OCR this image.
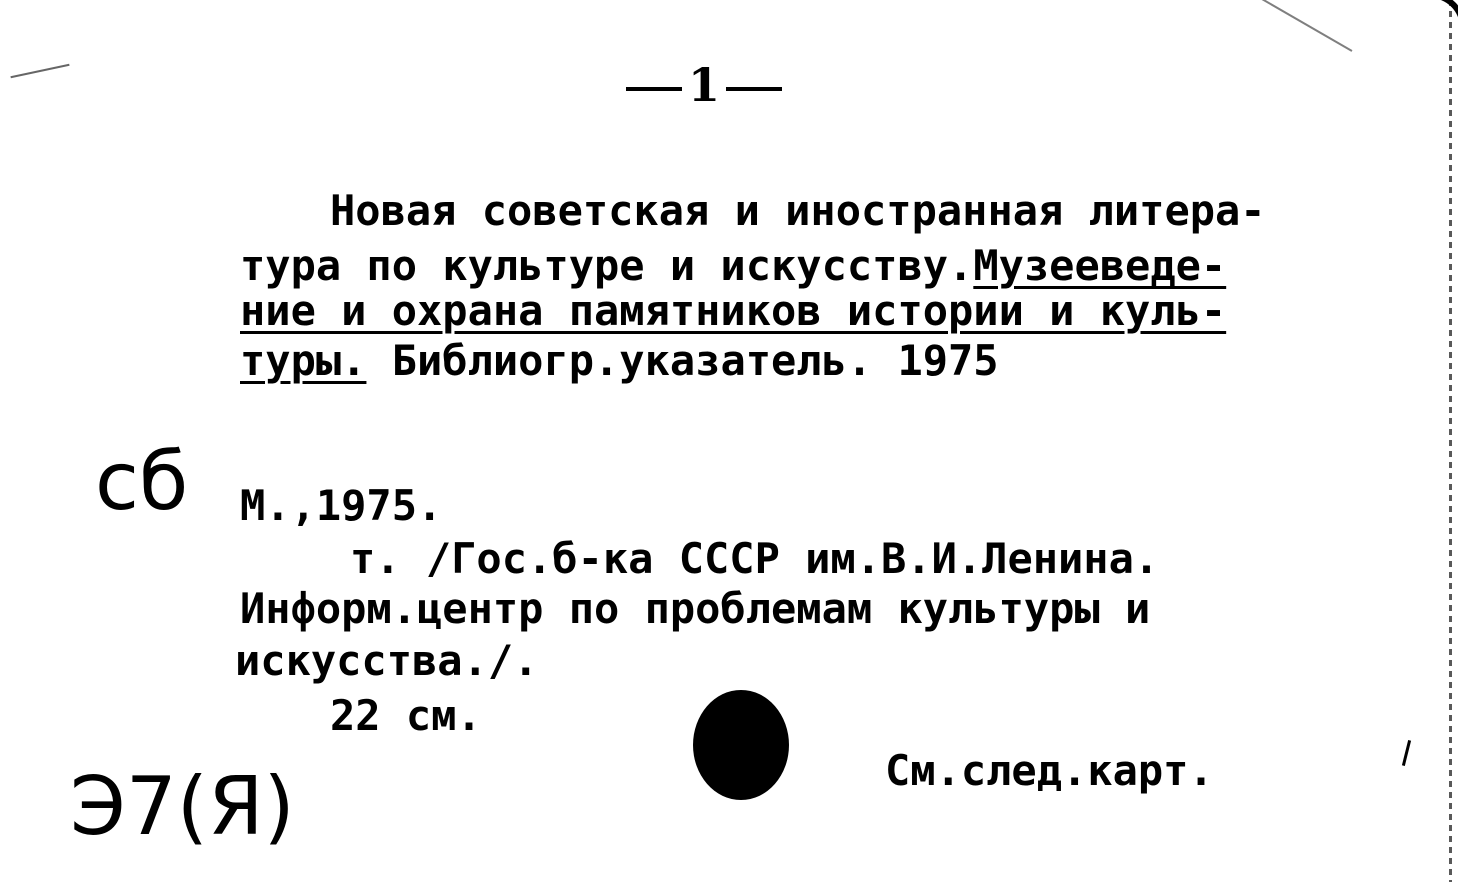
1
Новая советская и иностранная литера-
тура по культуре и искусству.Музееведе-
ние и охрана памятников истории и куль-
туры. Библиогр.указатель. 1975
сб М.,1975.
т. /Гос.б-ка СССР им.В.И.Ленина.
Информ.центр по проблемам культуры и
искусства./.
22 см.
См.след.карт.
Э7(Я)
